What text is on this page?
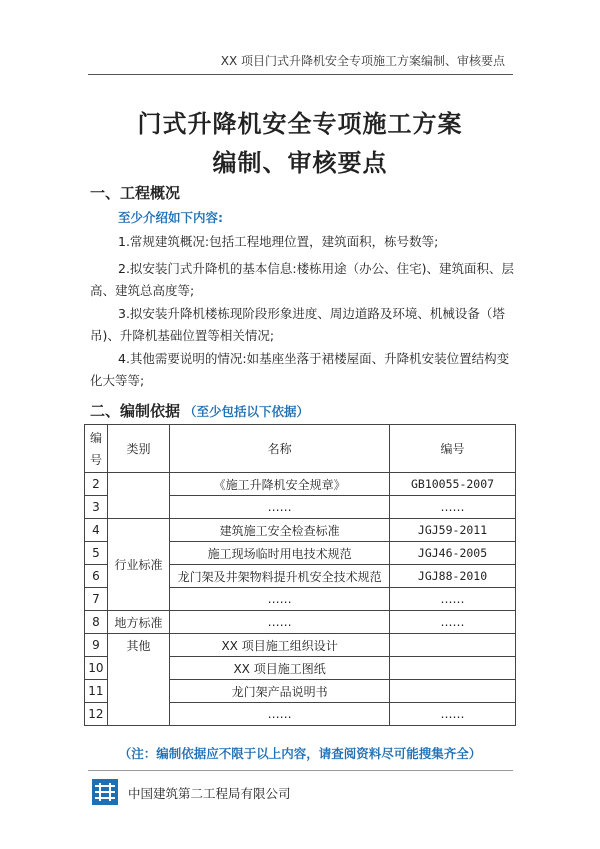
XX 项目门式升降机安全专项施工方案编制、审核要点
门式升降机安全专项施工方案
编制、审核要点
一、工程概况
至少介绍如下内容:
1.常规建筑概况:包括工程地理位置，建筑面积，栋号数等;
2.拟安装门式升降机的基本信息:楼栋用途（办公、住宅)、建筑面积、层高、建筑总高度等;
3.拟安装升降机楼栋现阶段形象进度、周边道路及环境、机械设备（塔吊)、升降机基础位置等相关情况;
4.其他需要说明的情况:如基座坐落于裙楼屋面、升降机安装位置结构变化大等等;
二、编制依据 （至少包括以下依据）
编
号	类别	名称	编号
2		《施工升降机安全规章》	GB10055-2007
3		……	……
4	行业标准	建筑施工安全检查标准	JGJ59-2011
5		施工现场临时用电技术规范	JGJ46-2005
6		龙门架及井架物料提升机安全技术规范	JGJ88-2010
7		……	……
8	地方标准	……	……
9	其他	XX 项目施工组织设计	
10		XX 项目施工图纸	
11		龙门架产品说明书	
12		……	……
（注：编制依据应不限于以上内容，请查阅资料尽可能搜集齐全）
中国建筑第二工程局有限公司
